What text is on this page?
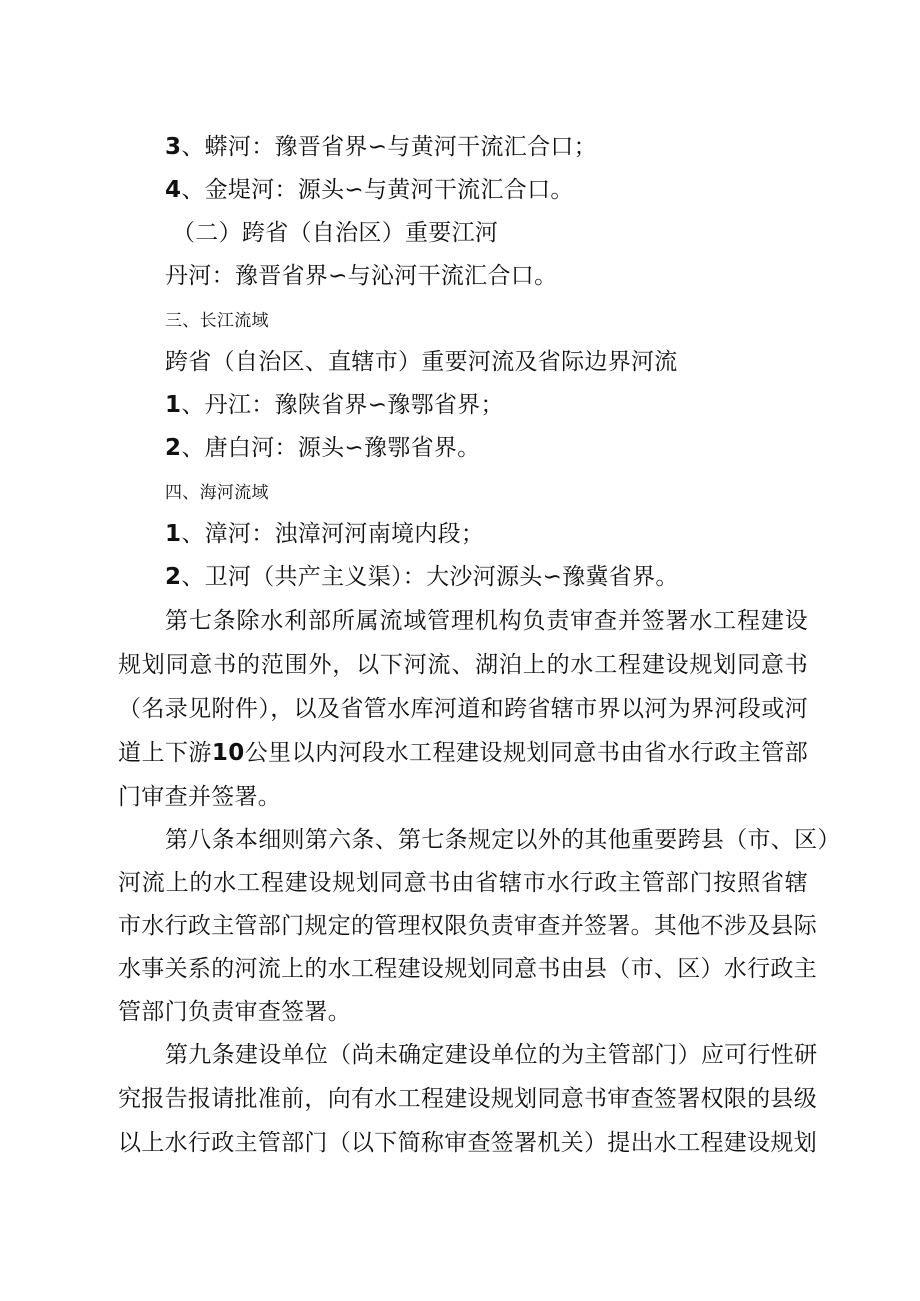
3、蟒河：豫晋省界∽与黄河干流汇合口；
4、金堤河：源头∽与黄河干流汇合口。
（二）跨省（自治区）重要江河
丹河：豫晋省界∽与沁河干流汇合口。
三、长江流域
跨省（自治区、直辖市）重要河流及省际边界河流
1、丹江：豫陕省界∽豫鄂省界；
2、唐白河：源头∽豫鄂省界。
四、海河流域
1、漳河：浊漳河河南境内段；
2、卫河（共产主义渠）：大沙河源头∽豫冀省界。
第七条除水利部所属流域管理机构负责审查并签署水工程建设
规划同意书的范围外，以下河流、湖泊上的水工程建设规划同意书
（名录见附件），以及省管水库河道和跨省辖市界以河为界河段或河
道上下游10公里以内河段水工程建设规划同意书由省水行政主管部
门审查并签署。
第八条本细则第六条、第七条规定以外的其他重要跨县（市、区）
河流上的水工程建设规划同意书由省辖市水行政主管部门按照省辖
市水行政主管部门规定的管理权限负责审查并签署。其他不涉及县际
水事关系的河流上的水工程建设规划同意书由县（市、区）水行政主
管部门负责审查签署。
第九条建设单位（尚未确定建设单位的为主管部门）应可行性研
究报告报请批准前，向有水工程建设规划同意书审查签署权限的县级
以上水行政主管部门（以下简称审查签署机关）提出水工程建设规划
